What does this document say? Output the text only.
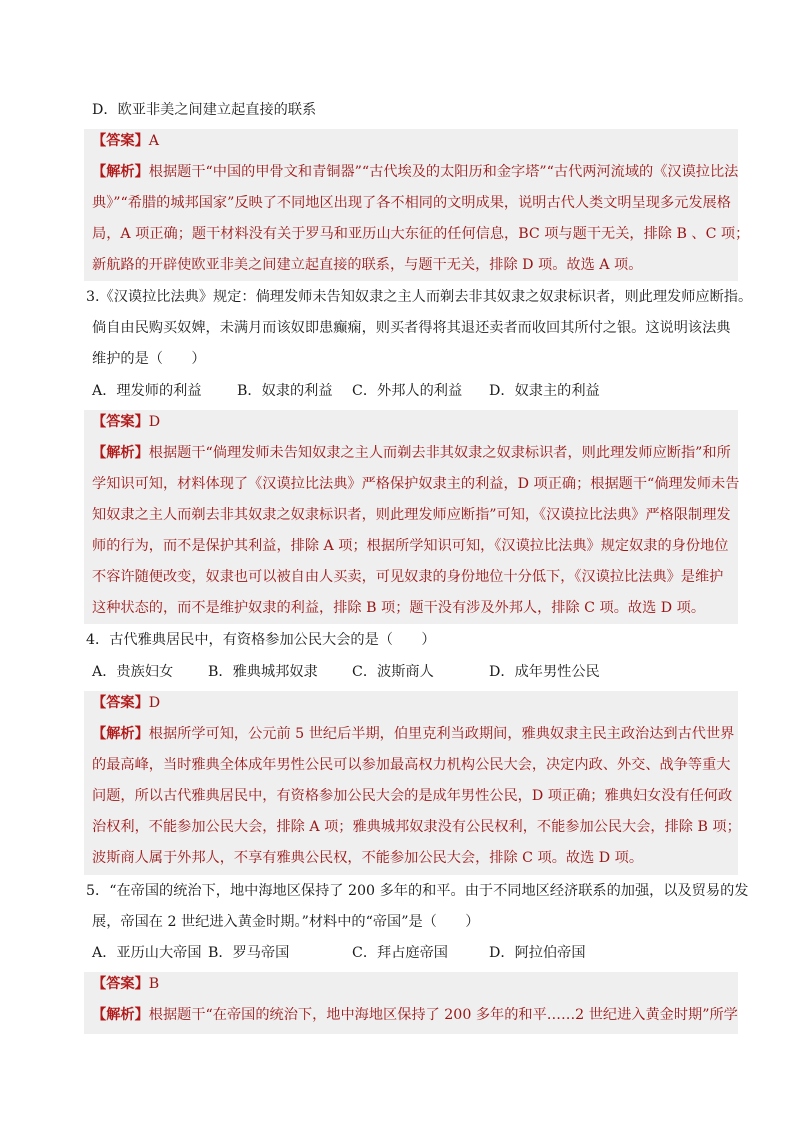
D．欧亚非美之间建立起直接的联系
【答案】A
【解析】根据题干“中国的甲骨文和青铜器”“古代埃及的太阳历和金字塔”“古代两河流域的《汉谟拉比法
典》”“希腊的城邦国家”反映了不同地区出现了各不相同的文明成果，说明古代人类文明呈现多元发展格
局，A 项正确；题干材料没有关于罗马和亚历山大东征的任何信息，BC 项与题干无关，排除 B 、C 项；
新航路的开辟使欧亚非美之间建立起直接的联系，与题干无关，排除 D 项。故选 A 项。
3.《汉谟拉比法典》规定：倘理发师未告知奴隶之主人而剃去非其奴隶之奴隶标识者，则此理发师应断指。
倘自由民购买奴婢，未满月而该奴即患癫痫，则买者得将其退还卖者而收回其所付之银。这说明该法典
维护的是（　　）
A．理发师的利益 B．奴隶的利益 C．外邦人的利益 D．奴隶主的利益
【答案】D
【解析】根据题干“倘理发师未告知奴隶之主人而剃去非其奴隶之奴隶标识者，则此理发师应断指”和所
学知识可知，材料体现了《汉谟拉比法典》严格保护奴隶主的利益，D 项正确；根据题干“倘理发师未告
知奴隶之主人而剃去非其奴隶之奴隶标识者，则此理发师应断指”可知，《汉谟拉比法典》严格限制理发
师的行为，而不是保护其利益，排除 A 项；根据所学知识可知，《汉谟拉比法典》规定奴隶的身份地位
不容许随便改变，奴隶也可以被自由人买卖，可见奴隶的身份地位十分低下，《汉谟拉比法典》是维护
这种状态的，而不是维护奴隶的利益，排除 B 项；题干没有涉及外邦人，排除 C 项。故选 D 项。
4．古代雅典居民中，有资格参加公民大会的是（　　）
A．贵族妇女 B．雅典城邦奴隶 C．波斯商人	D．成年男性公民
【答案】D
【解析】根据所学可知，公元前 5 世纪后半期，伯里克利当政期间，雅典奴隶主民主政治达到古代世界
的最高峰，当时雅典全体成年男性公民可以参加最高权力机构公民大会，决定内政、外交、战争等重大
问题，所以古代雅典居民中，有资格参加公民大会的是成年男性公民，D 项正确；雅典妇女没有任何政
治权利，不能参加公民大会，排除 A 项；雅典城邦奴隶没有公民权利，不能参加公民大会，排除 B 项；
波斯商人属于外邦人，不享有雅典公民权，不能参加公民大会，排除 C 项。故选 D 项。
5．“在帝国的统治下，地中海地区保持了 200 多年的和平。由于不同地区经济联系的加强，以及贸易的发
展，帝国在 2 世纪进入黄金时期。”材料中的“帝国”是（　　）
A．亚历山大帝国 B．罗马帝国	C．拜占庭帝国	D．阿拉伯帝国
【答案】B
【解析】根据题干“在帝国的统治下，地中海地区保持了 200 多年的和平……2 世纪进入黄金时期”所学
